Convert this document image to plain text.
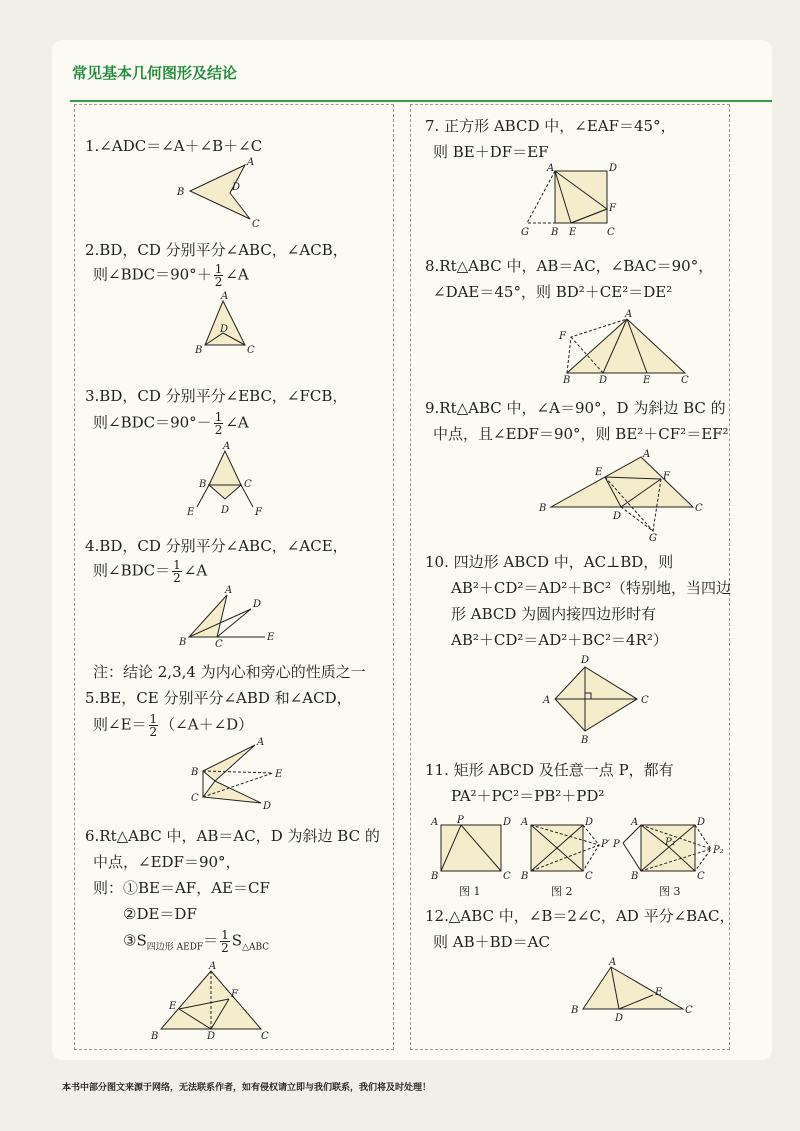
常见基本几何图形及结论
1.∠ADC＝∠A＋∠B＋∠C
A
B	D
C
2.BD，CD 分别平分∠ABC，∠ACB，
则∠BDC＝90°＋ $\frac{1}{2}$ ∠A
A
D
B	C
3.BD，CD 分别平分∠EBC，∠FCB，
则∠BDC＝90°－ $\frac{1}{2}$ ∠A
A
B	C
E	D	F
4.BD，CD 分别平分∠ABC，∠ACE，
则∠BDC＝ $\frac{1}{2}$ ∠A
A
D
B	C
E
注：结论 2,3,4 为内心和旁心的性质之一
5.BE，CE 分别平分∠ABD 和∠ACD，
则∠E＝ $\frac{1}{2}$ （∠A＋∠D）
A
B	E
C
D
6.Rt△ABC 中，AB＝AC，D 为斜边 BC 的
中点，∠EDF＝90°，
则：①BE＝AF，AE＝CF
②DE＝DF
$③S_{四边形 AEDF}= \frac{1}{2} S_{\triangle ABC}$
A
E
F
B	D	C
7. 正方形 ABCD 中，∠EAF＝45°，
则 BE＋DF＝EF
A	D
F
G B E	C
8.Rt△ABC 中，AB＝AC，∠BAC＝90°，
∠DAE＝45°，则 BD²＋CE²＝DE²
A
F
B	D	E	C
9.Rt△ABC 中，∠A＝90°，D 为斜边 BC 的
中点，且∠EDF＝90°，则 BE²＋CF²＝EF²
A
E	F
B
D
C
G
10. 四边形 ABCD 中，AC⊥BD，则
AB²＋CD²＝AD²＋BC²（特别地，当四边
形 ABCD 为圆内接四边形时有
AB²＋CD²＝AD²＋BC²＝4R²）
D
A	C
B
11. 矩形 ABCD 及任意一点 P，都有
PA²＋PC²＝PB²＋PD²
A P	D
B	C
A	D
P′
B	C
A	D
P	P₁
P₂
B	C
图 1	图 2	图 3
12.△ABC 中，∠B＝2∠C，AD 平分∠BAC，
则 AB＋BD＝AC
A
E
B
D
C
本书中部分图文来源于网络，无法联系作者，如有侵权请立即与我们联系，我们将及时处理！
